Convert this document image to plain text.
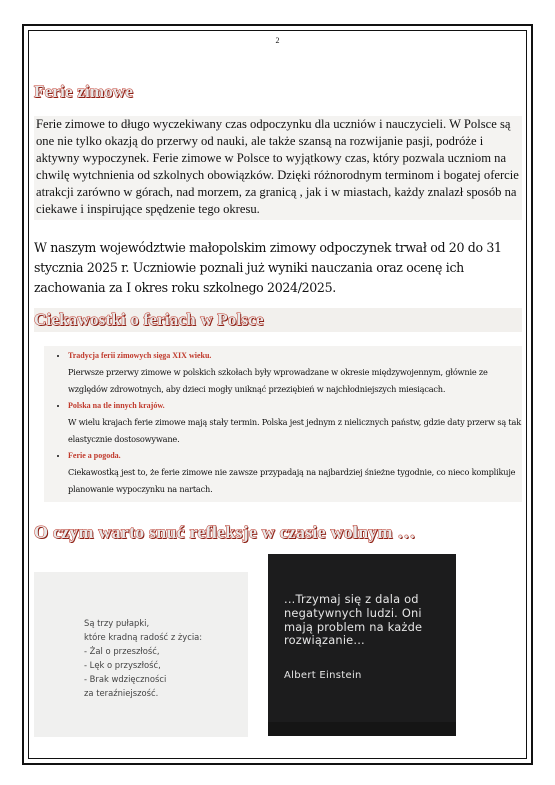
2
Ferie zimowe
Ferie zimowe to długo wyczekiwany czas odpoczynku dla uczniów i nauczycieli. W Polsce są one nie tylko okazją do przerwy od nauki, ale także szansą na rozwijanie pasji, podróże i aktywny wypoczynek. Ferie zimowe w Polsce to wyjątkowy czas, który pozwala uczniom na chwilę wytchnienia od szkolnych obowiązków. Dzięki różnorodnym terminom i bogatej ofercie atrakcji zarówno w górach, nad morzem, za granicą , jak i w miastach, każdy znalazł sposób na ciekawe i inspirujące spędzenie tego okresu.
W naszym województwie małopolskim zimowy odpoczynek trwał od 20 do 31 stycznia 2025 r. Uczniowie poznali już wyniki nauczania oraz ocenę ich zachowania za I okres roku szkolnego 2024/2025.
Ciekawostki o feriach w Polsce
• Tradycja ferii zimowych sięga XIX wieku.
Pierwsze przerwy zimowe w polskich szkołach były wprowadzane w okresie międzywojennym, głównie ze względów zdrowotnych, aby dzieci mogły uniknąć przeziębień w najchłodniejszych miesiącach.
• Polska na tle innych krajów.
W wielu krajach ferie zimowe mają stały termin. Polska jest jednym z nielicznych państw, gdzie daty przerw są tak elastycznie dostosowywane.
• Ferie a pogoda.
Ciekawostką jest to, że ferie zimowe nie zawsze przypadają na najbardziej śnieżne tygodnie, co nieco komplikuje planowanie wypoczynku na nartach.
O czym warto snuć refleksje w czasie wolnym …
Są trzy pułapki,
które kradną radość z życia:
- Żal o przeszłość,
- Lęk o przyszłość,
- Brak wdzięczności
za teraźniejszość.
...Trzymaj się z dala od negatywnych ludzi. Oni mają problem na każde rozwiązanie...
Albert Einstein
